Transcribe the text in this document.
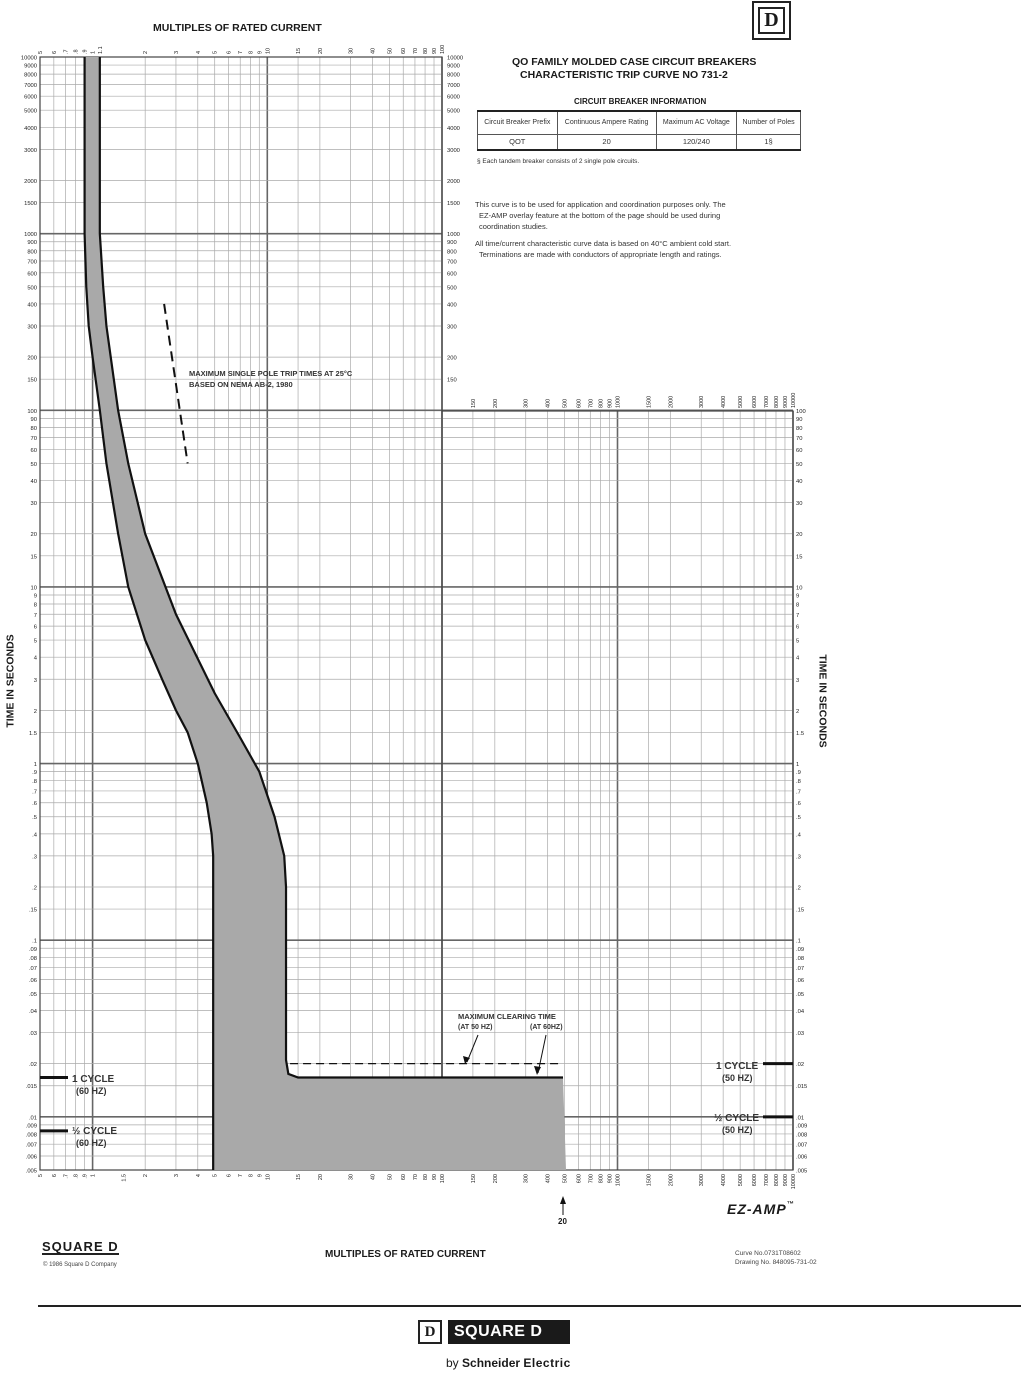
10000	10000
9000	9000
8000	8000
7000	7000
6000	6000
5000	5000
4000	4000
3000	3000
2000	2000
1500	1500
1000	1000
900	900
800	800
700	700
600	600
500	500
400	400
300	300
200	200
150	150
100	100
90	90
80	80
70	70
60	60
50	50
40	40
30	30
20	20
15	15
10	10
9	9
8	8
7	7
6	6
5	5
4	4
3	3
2	2
1.5	1.5
1	1
.9	.9
.8	.8
.7	.7
.6	.6
.5	.5
.4	.4
.3	.3
.2	.2
.15	.15
.1	.1
.09	.09
.08	.08
.07	.07
.06	.06
.05	.05
.04	.04
.03	.03
.02	.02
.015	.015
.01	.01
.009	.009
.008	.008
.007	.007
.006	.006
.005	.005
5 6 .7 .8 .9 1 1.1	2	3	4 5 6 7 8 9 10	15	20	30	40 50 60 70 80 90 100
5 6 .7 .8 .9 1	1.5	2	3	4 5 6 7 8 9 10	15	20	30	40 50 60 70 80 90 100
150
150
200
200
300
300
400
400
500
500
600
600
700
700
800
800
900
900
1000
1000
1500
1500
2000
2000
3000
3000
4000
4000
5000
5000
6000
6000
7000
7000
8000
8000
9000
9000
10000
10000
MULTIPLES OF RATED CURRENT	D
QO FAMILY MOLDED CASE CIRCUIT BREAKERS
CHARACTERISTIC TRIP CURVE NO 731-2
CIRCUIT BREAKER INFORMATION
Circuit Breaker Prefix	Continuous Ampere Rating	Maximum AC Voltage	Number of Poles
QOT	20	120/240	1§
§ Each tandem breaker consists of 2 single pole circuits.
This curve is to be used for application and coordination purposes only. The
EZ-AMP overlay feature at the bottom of the page should be used during
coordination studies.
All time/current characteristic curve data is based on 40°C ambient cold start.
Terminations are made with conductors of appropriate length and ratings.
MAXIMUM SINGLE POLE TRIP TIMES AT 25°C
BASED ON NEMA AB-2, 1980
MAXIMUM CLEARING TIME
(AT 50 HZ)	(AT 60HZ)
1 CYCLE
(60 HZ)
½ CYCLE
(60 HZ)
1 CYCLE
(50 HZ)
½ CYCLE
(50 HZ)
TIME IN SECONDS	TIME IN SECONDS
MULTIPLES OF RATED CURRENT
20
EZ-AMP™
SQUARE D
© 1986 Square D Company
Curve No.0731T08602
Drawing No. 848095-731-02
D	SQUARE D
by Schneider Electric
